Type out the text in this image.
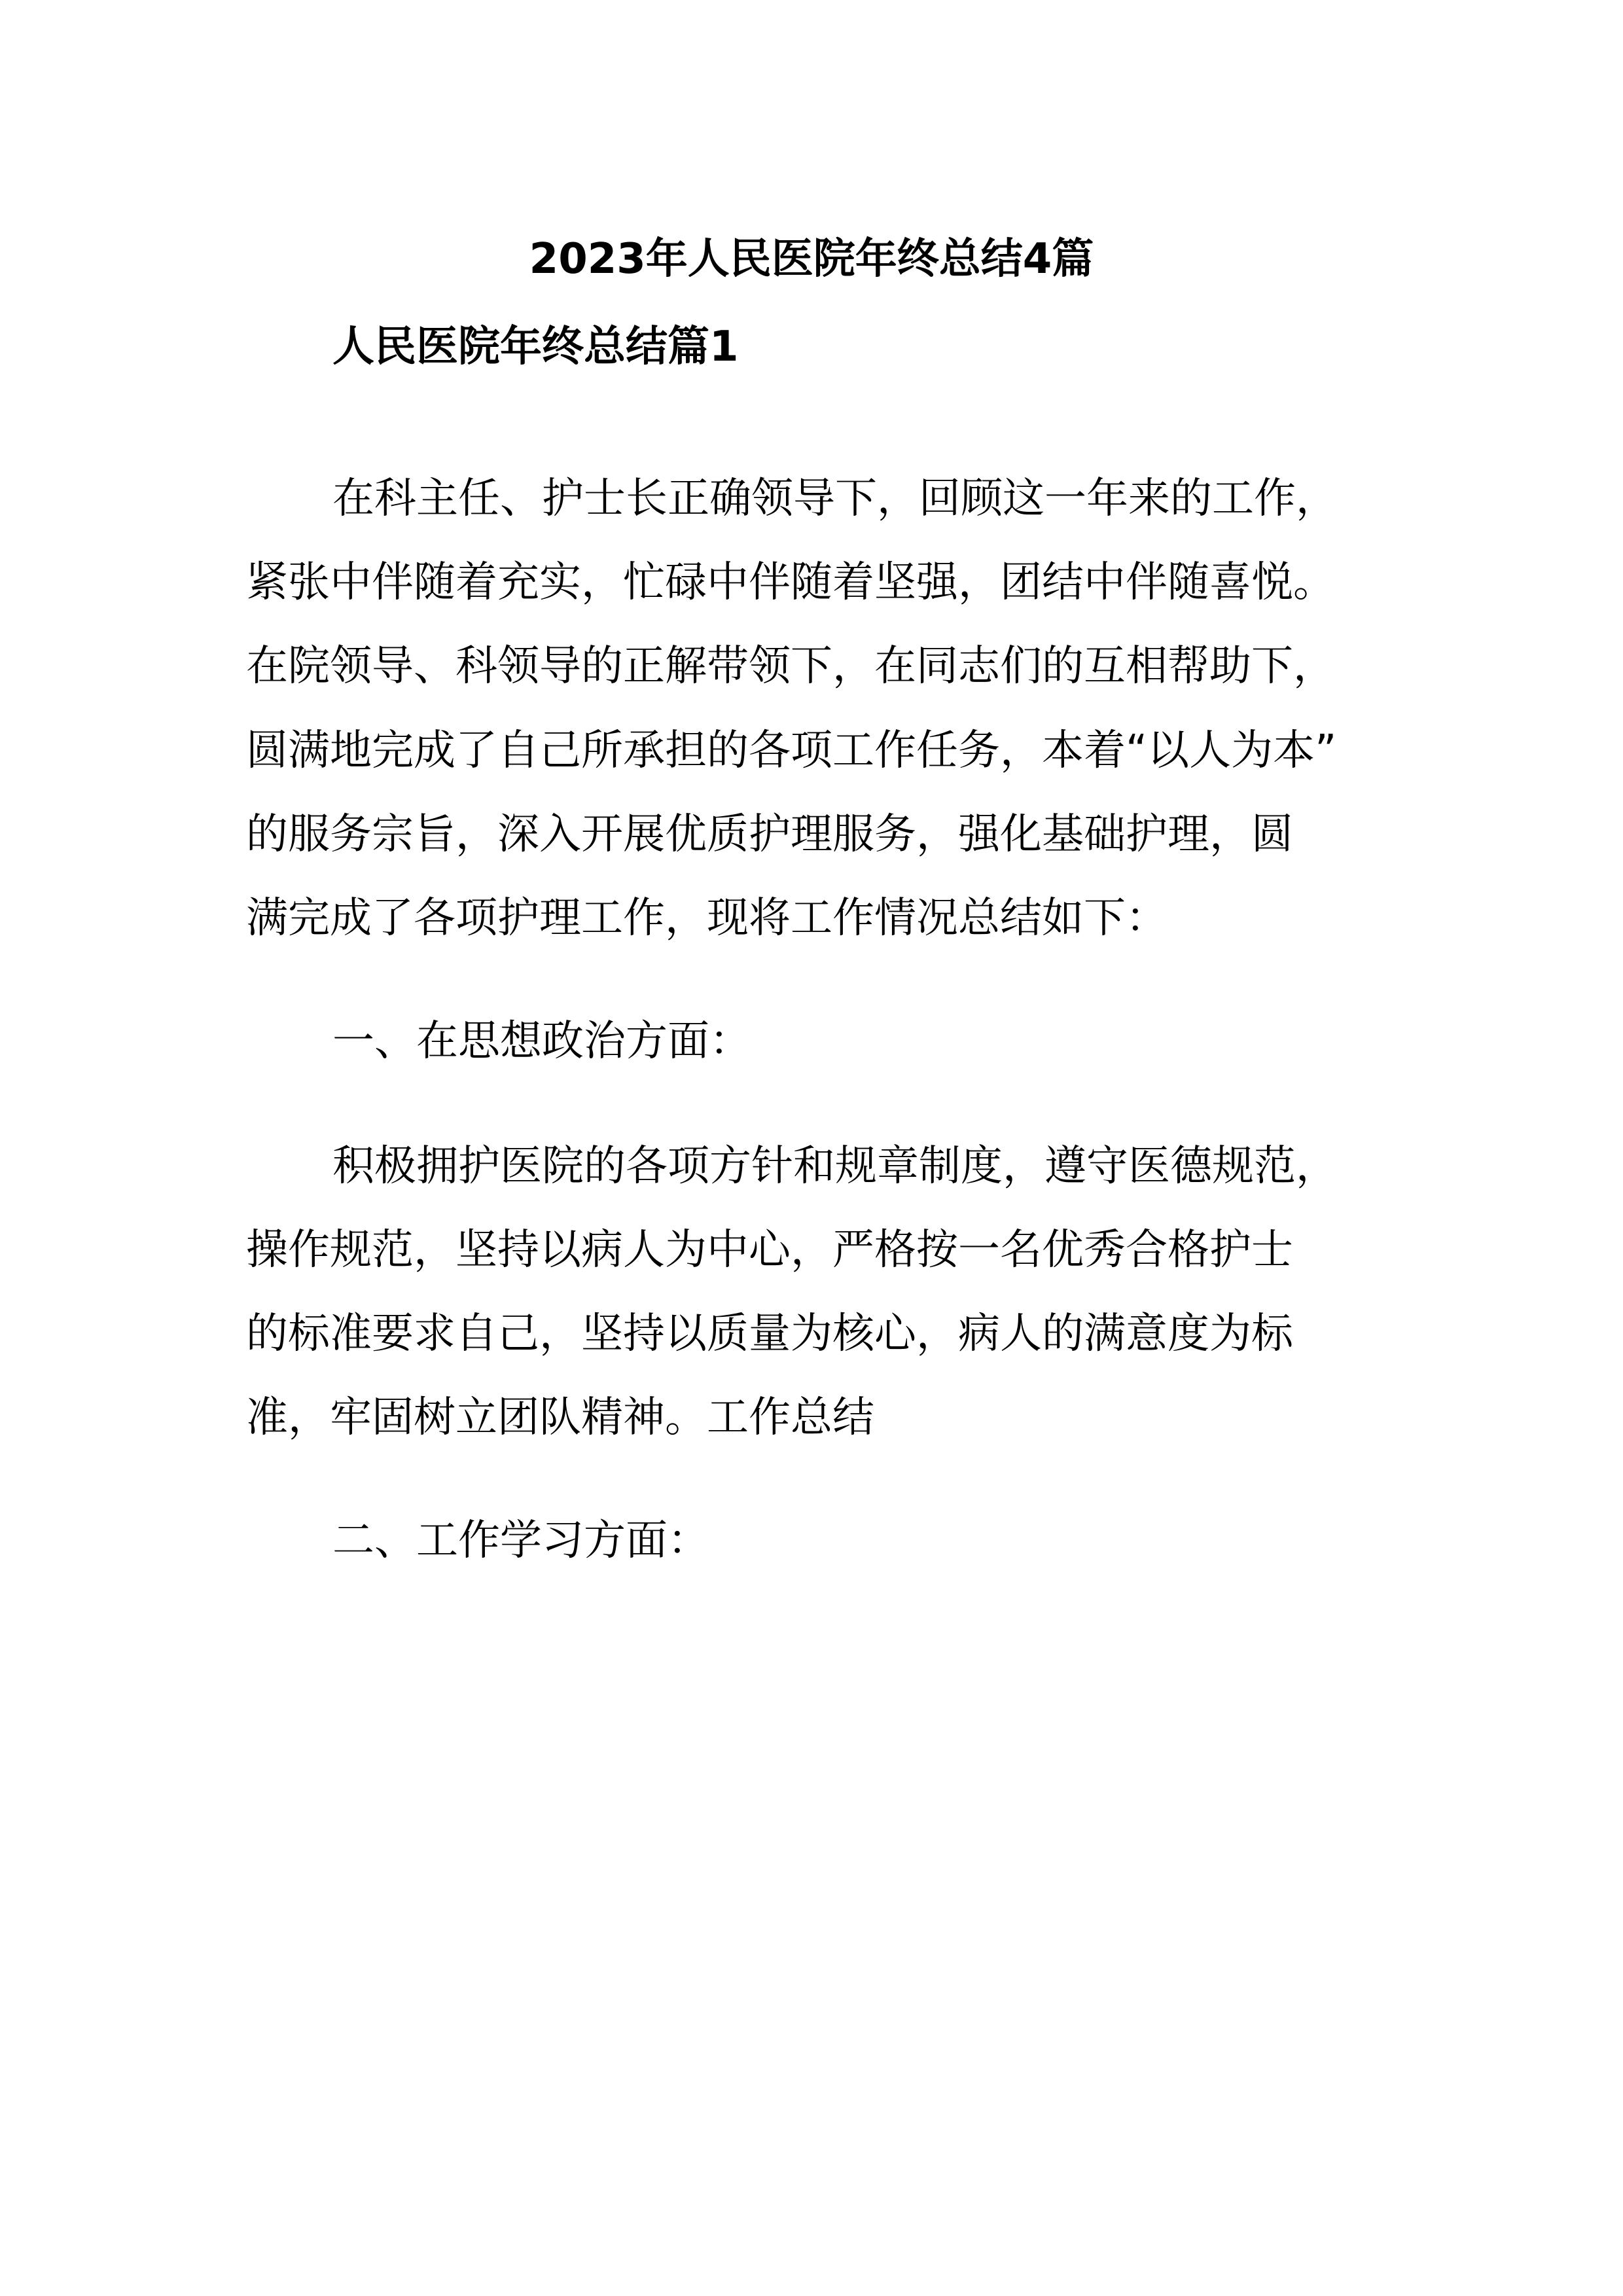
2023年人民医院年终总结4篇
人民医院年终总结篇1

在科主任、护士长正确领导下，回顾这一年来的工作，

紧张中伴随着充实，忙碌中伴随着坚强，团结中伴随喜悦。

在院领导、科领导的正解带领下，在同志们的互相帮助下，

圆满地完成了自己所承担的各项工作任务，本着“以人为本”

的服务宗旨，深入开展优质护理服务，强化基础护理，圆

满完成了各项护理工作，现将工作情况总结如下：

一、在思想政治方面：

积极拥护医院的各项方针和规章制度，遵守医德规范，

操作规范，坚持以病人为中心，严格按一名优秀合格护士

的标准要求自己，坚持以质量为核心，病人的满意度为标

准，牢固树立团队精神。工作总结

二、工作学习方面：
